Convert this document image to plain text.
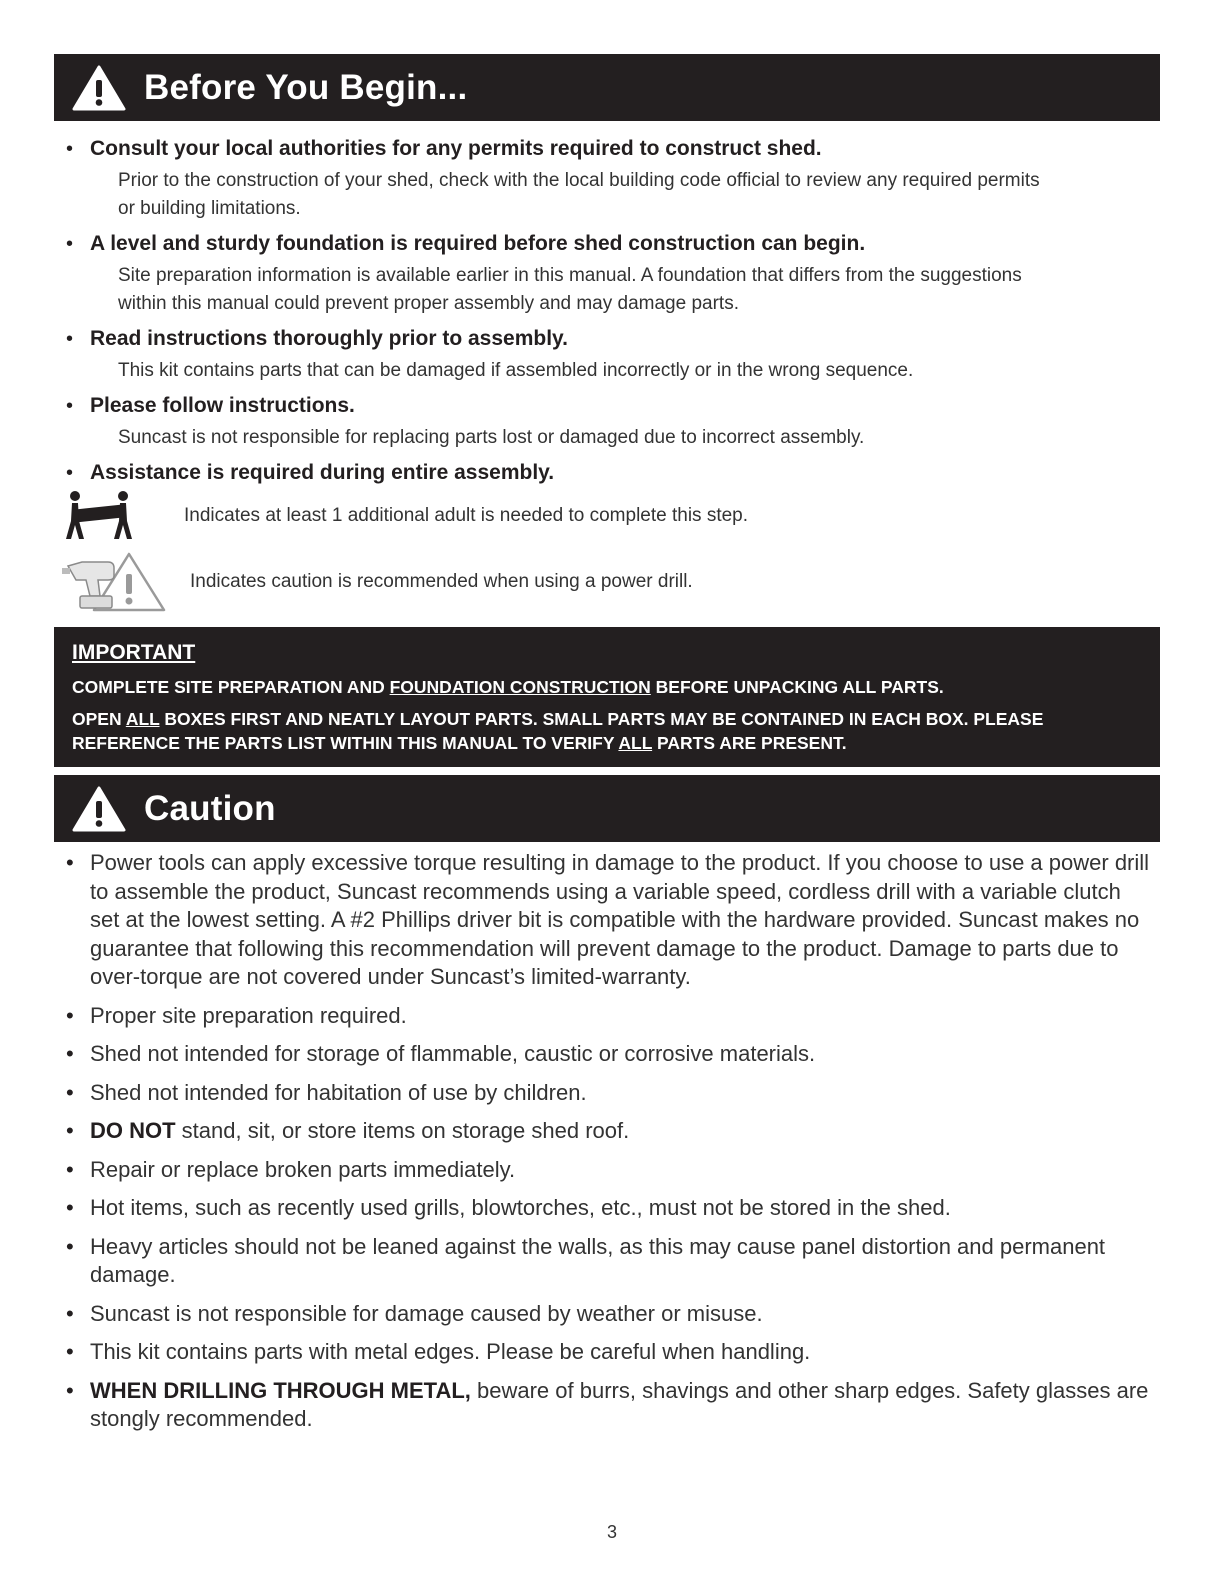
Before You Begin...
• Consult your local authorities for any permits required to construct shed.
Prior to the construction of your shed, check with the local building code official to review any required permits
or building limitations.
• A level and sturdy foundation is required before shed construction can begin.
Site preparation information is available earlier in this manual. A foundation that differs from the suggestions
within this manual could prevent proper assembly and may damage parts.
• Read instructions thoroughly prior to assembly.
This kit contains parts that can be damaged if assembled incorrectly or in the wrong sequence.
• Please follow instructions.
Suncast is not responsible for replacing parts lost or damaged due to incorrect assembly.
• Assistance is required during entire assembly.
Indicates at least 1 additional adult is needed to complete this step.
Indicates caution is recommended when using a power drill.
IMPORTANT
COMPLETE SITE PREPARATION AND FOUNDATION CONSTRUCTION BEFORE UNPACKING ALL PARTS.
OPEN ALL BOXES FIRST AND NEATLY LAYOUT PARTS. SMALL PARTS MAY BE CONTAINED IN EACH BOX. PLEASE
REFERENCE THE PARTS LIST WITHIN THIS MANUAL TO VERIFY ALL PARTS ARE PRESENT.
Caution
• Power tools can apply excessive torque resulting in damage to the product. If you choose to use a power drill to assemble the product, Suncast recommends using a variable speed, cordless drill with a variable clutch set at the lowest setting. A #2 Phillips driver bit is compatible with the hardware provided. Suncast makes no guarantee that following this recommendation will prevent damage to the product. Damage to parts due to over-torque are not covered under Suncast’s limited-warranty.
• Proper site preparation required.
• Shed not intended for storage of flammable, caustic or corrosive materials.
• Shed not intended for habitation of use by children.
• DO NOT stand, sit, or store items on storage shed roof.
• Repair or replace broken parts immediately.
• Hot items, such as recently used grills, blowtorches, etc., must not be stored in the shed.
• Heavy articles should not be leaned against the walls, as this may cause panel distortion and permanent damage.
• Suncast is not responsible for damage caused by weather or misuse.
• This kit contains parts with metal edges. Please be careful when handling.
• WHEN DRILLING THROUGH METAL, beware of burrs, shavings and other sharp edges. Safety glasses are stongly recommended.
3
